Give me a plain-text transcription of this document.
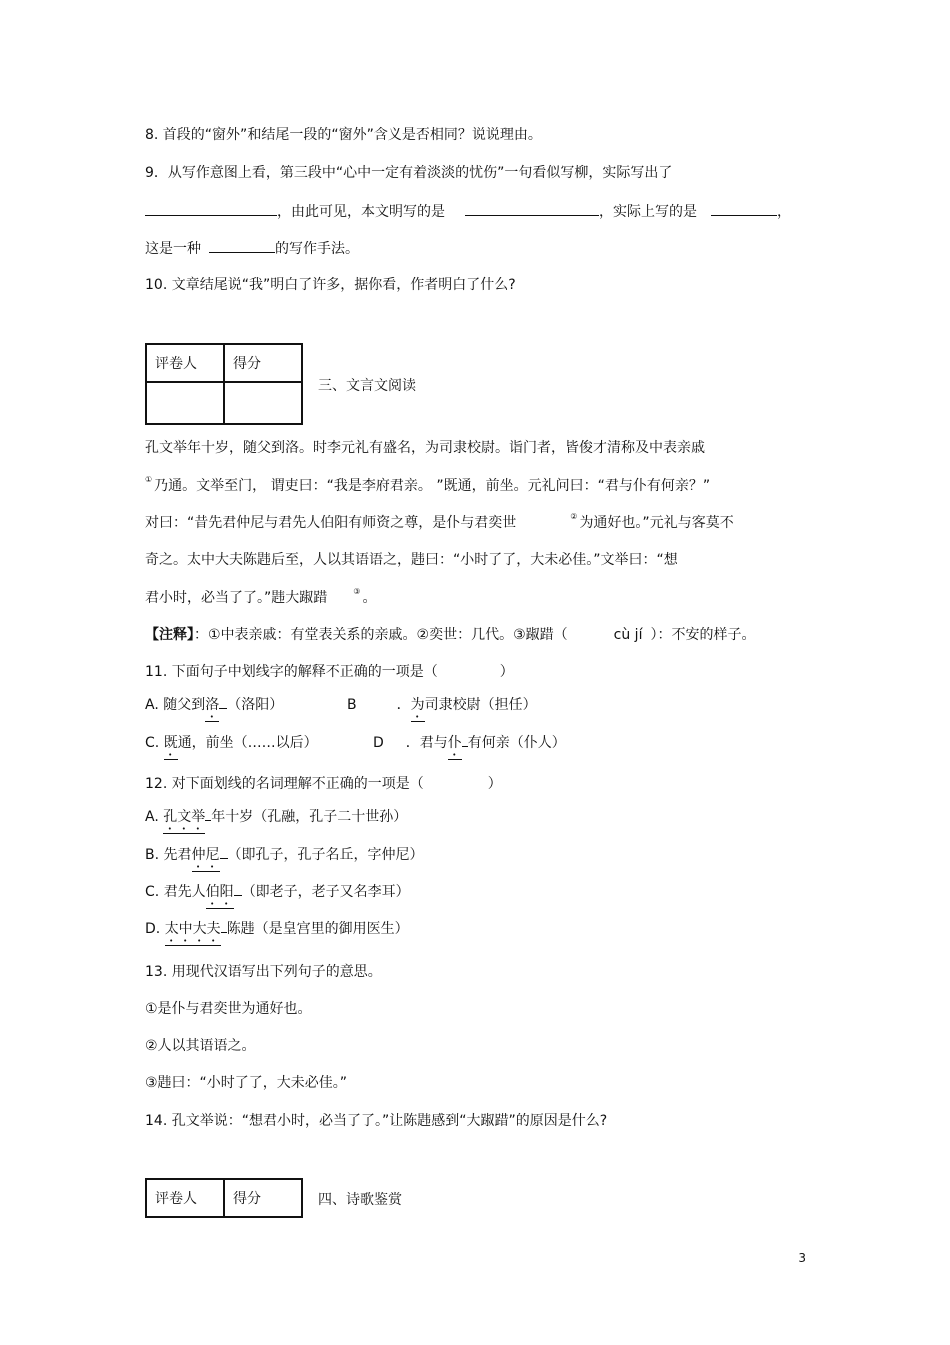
8. 首段的“窗外”和结尾一段的“窗外”含义是否相同？说说理由。
9．从写作意图上看，第三段中“心中一定有着淡淡的忧伤”一句看似写柳，实际写出了
，由此可见，本文明写的是	，实际上写的是	，
这是一种	的写作手法。
10. 文章结尾说“我”明白了许多，据你看，作者明白了什么?
评卷人	得分

三、文言文阅读
孔文举年十岁，随父到洛。时李元礼有盛名，为司隶校尉。诣门者，皆俊才清称及中表亲戚
① 乃通。文举至门， 谓吏曰：“我是李府君亲。 ”既通，前坐。元礼问曰：“君与仆有何亲？”
对曰：“昔先君仲尼与君先人伯阳有师资之尊，是仆与君奕世	② 为通好也。”元礼与客莫不
奇之。太中大夫陈韪后至，人以其语语之，韪曰：“小时了了，大未必佳。”文举曰：“想
君小时，必当了了。”韪大踧踖	③ 。
【注释】：①中表亲戚：有堂表关系的亲戚。②奕世：几代。③踧踖（	cù jí ）：不安的样子。
11. 下面句子中划线字的解释不正确的一项是（	）
A. 随父到洛 （洛阳）	B	．为司隶校尉（担任）
C. 既通，前坐（……以后）	D ．君与仆 有何亲（仆人）
12. 对下面划线的名词理解不正确的一项是（	）
A. 孔文举 年十岁（孔融，孔子二十世孙）
B. 先君仲尼 （即孔子，孔子名丘，字仲尼）
C. 君先人伯阳 （即老子，老子又名李耳）
D. 太中大夫 陈韪（是皇宫里的御用医生）
13. 用现代汉语写出下列句子的意思。
①是仆与君奕世为通好也。
②人以其语语之。
③韪曰：“小时了了，大未必佳。”
14. 孔文举说：“想君小时，必当了了。”让陈韪感到“大踧踖”的原因是什么?
评卷人	得分	四、诗歌鉴赏
3
